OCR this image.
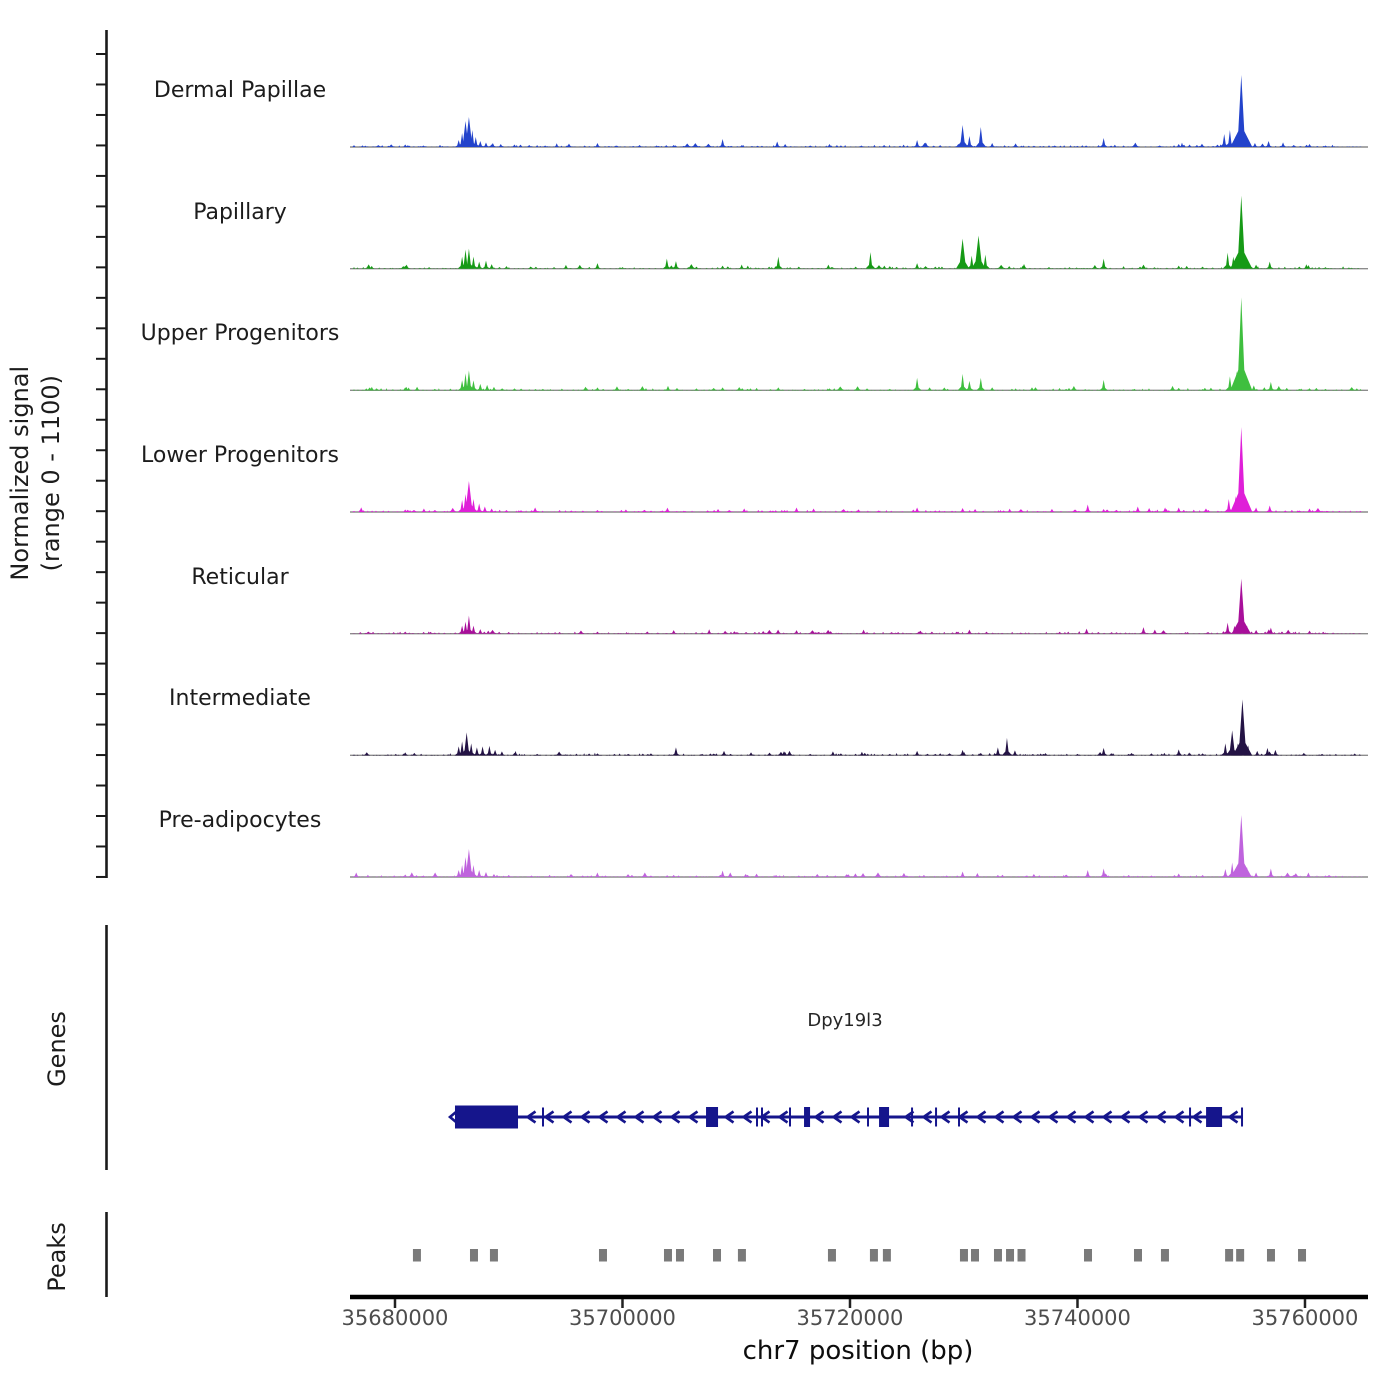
Normalized signal (range 0 - 1100)
Genes
Peaks
Dpy19l3
chr7 position (bp)
Dermal Papillae
Papillary
Upper Progenitors
Lower Progenitors
Reticular
Intermediate
Pre-adipocytes
35680000	35700000	35720000	35740000	35760000
